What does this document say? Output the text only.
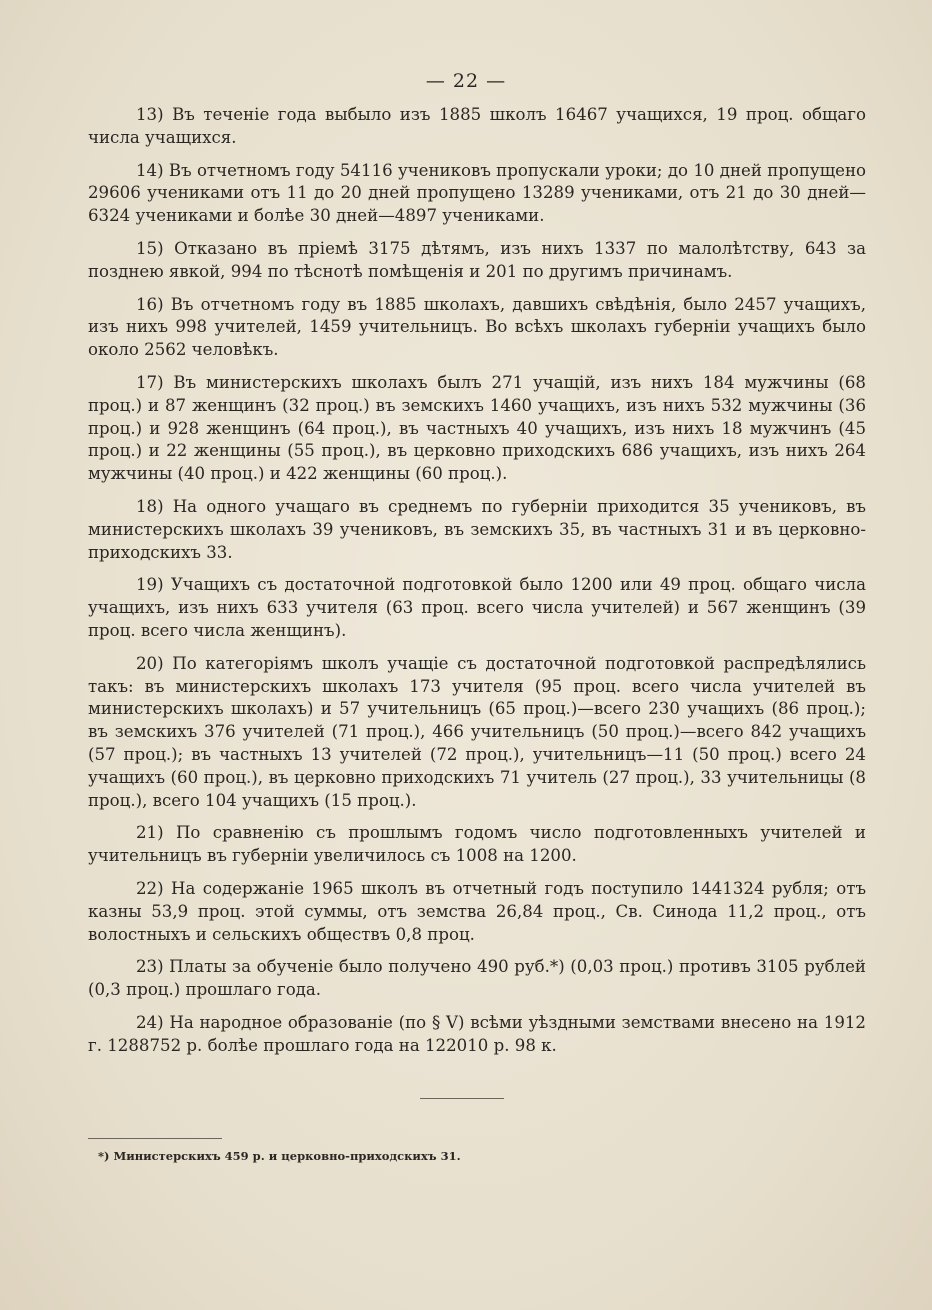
— 22 —

13) Въ теченіе года выбыло изъ 1885 школъ 16467 учащихся, 19 проц. общаго числа учащихся.

14) Въ отчетномъ году 54116 учениковъ пропускали уроки; до 10 дней пропущено 29606 учениками отъ 11 до 20 дней пропущено 13289 учениками, отъ 21 до 30 дней—6324 учениками и болѣе 30 дней—4897 учениками.

15) Отказано въ пріемѣ 3175 дѣтямъ, изъ нихъ 1337 по малолѣтству, 643 за позднею явкой, 994 по тѣснотѣ помѣщенія и 201 по другимъ причинамъ.

16) Въ отчетномъ году въ 1885 школахъ, давшихъ свѣдѣнія, было 2457 учащихъ, изъ нихъ 998 учителей, 1459 учительницъ. Во всѣхъ школахъ губерніи учащихъ было около 2562 человѣкъ.

17) Въ министерскихъ школахъ былъ 271 учащій, изъ нихъ 184 мужчины (68 проц.) и 87 женщинъ (32 проц.) въ земскихъ 1460 учащихъ, изъ нихъ 532 мужчины (36 проц.) и 928 женщинъ (64 проц.), въ частныхъ 40 учащихъ, изъ нихъ 18 мужчинъ (45 проц.) и 22 женщины (55 проц.), въ церковно приходскихъ 686 учащихъ, изъ нихъ 264 мужчины (40 проц.) и 422 женщины (60 проц.).

18) На одного учащаго въ среднемъ по губерніи приходится 35 учениковъ, въ министерскихъ школахъ 39 учениковъ, въ земскихъ 35, въ частныхъ 31 и въ церковно-приходскихъ 33.

19) Учащихъ съ достаточной подготовкой было 1200 или 49 проц. общаго числа учащихъ, изъ нихъ 633 учителя (63 проц. всего числа учителей) и 567 женщинъ (39 проц. всего числа женщинъ).

20) По категоріямъ школъ учащіе съ достаточной подготовкой распредѣлялись такъ: въ министерскихъ школахъ 173 учителя (95 проц. всего числа учителей въ министерскихъ школахъ) и 57 учительницъ (65 проц.)—всего 230 учащихъ (86 проц.); въ земскихъ 376 учителей (71 проц.), 466 учительницъ (50 проц.)—всего 842 учащихъ (57 проц.); въ частныхъ 13 учителей (72 проц.), учительницъ—11 (50 проц.) всего 24 учащихъ (60 проц.), въ церковно приходскихъ 71 учитель (27 проц.), 33 учительницы (8 проц.), всего 104 учащихъ (15 проц.).

21) По сравненію съ прошлымъ годомъ число подготовленныхъ учителей и учительницъ въ губерніи увеличилось съ 1008 на 1200.

22) На содержаніе 1965 школъ въ отчетный годъ поступило 1441324 рубля; отъ казны 53,9 проц. этой суммы, отъ земства 26,84 проц., Св. Синода 11,2 проц., отъ волостныхъ и сельскихъ обществъ 0,8 проц.

23) Платы за обученіе было получено 490 руб.*) (0,03 проц.) противъ 3105 рублей (0,3 проц.) прошлаго года.

24) На народное образованіе (по § V) всѣми уѣздными земствами внесено на 1912 г. 1288752 р. болѣе прошлаго года на 122010 р. 98 к.

*) Министерскихъ 459 р. и церковно-приходскихъ 31.
